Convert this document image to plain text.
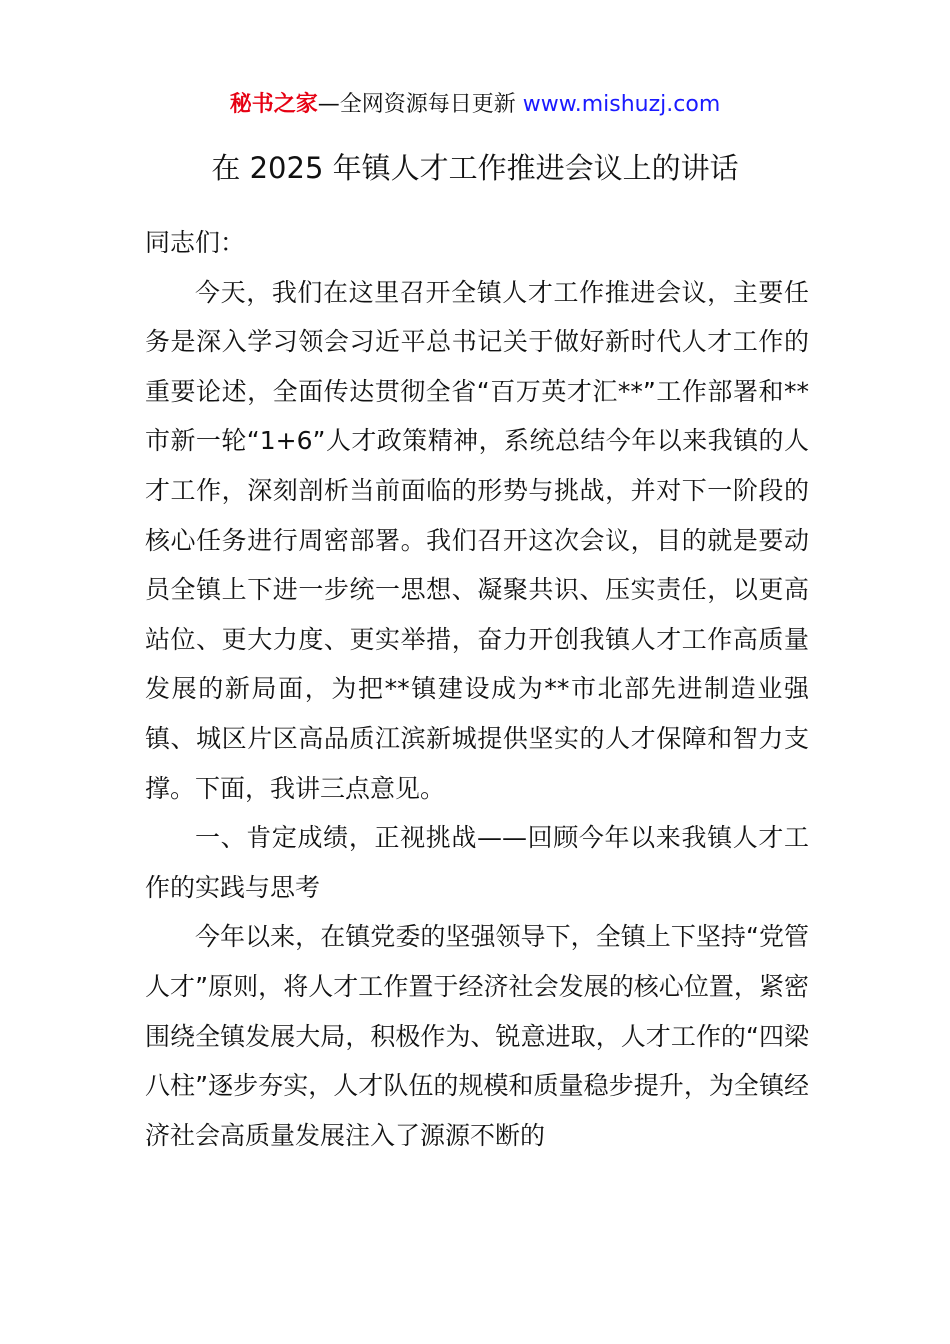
秘书之家—全网资源每日更新 www.mishuzj.com
在 2025 年镇人才工作推进会议上的讲话

同志们：

今天，我们在这里召开全镇人才工作推进会议，主要任务是深入学习领会习近平总书记关于做好新时代人才工作的重要论述，全面传达贯彻全省“百万英才汇**”工作部署和**市新一轮“1+6”人才政策精神，系统总结今年以来我镇的人才工作，深刻剖析当前面临的形势与挑战，并对下一阶段的核心任务进行周密部署。我们召开这次会议，目的就是要动员全镇上下进一步统一思想、凝聚共识、压实责任，以更高站位、更大力度、更实举措，奋力开创我镇人才工作高质量发展的新局面，为把**镇建设成为**市北部先进制造业强镇、城区片区高品质江滨新城提供坚实的人才保障和智力支撑。下面，我讲三点意见。

一、肯定成绩，正视挑战——回顾今年以来我镇人才工作的实践与思考

今年以来，在镇党委的坚强领导下，全镇上下坚持“党管人才”原则，将人才工作置于经济社会发展的核心位置，紧密围绕全镇发展大局，积极作为、锐意进取，人才工作的“四梁八柱”逐步夯实，人才队伍的规模和质量稳步提升，为全镇经济社会高质量发展注入了源源不断的
